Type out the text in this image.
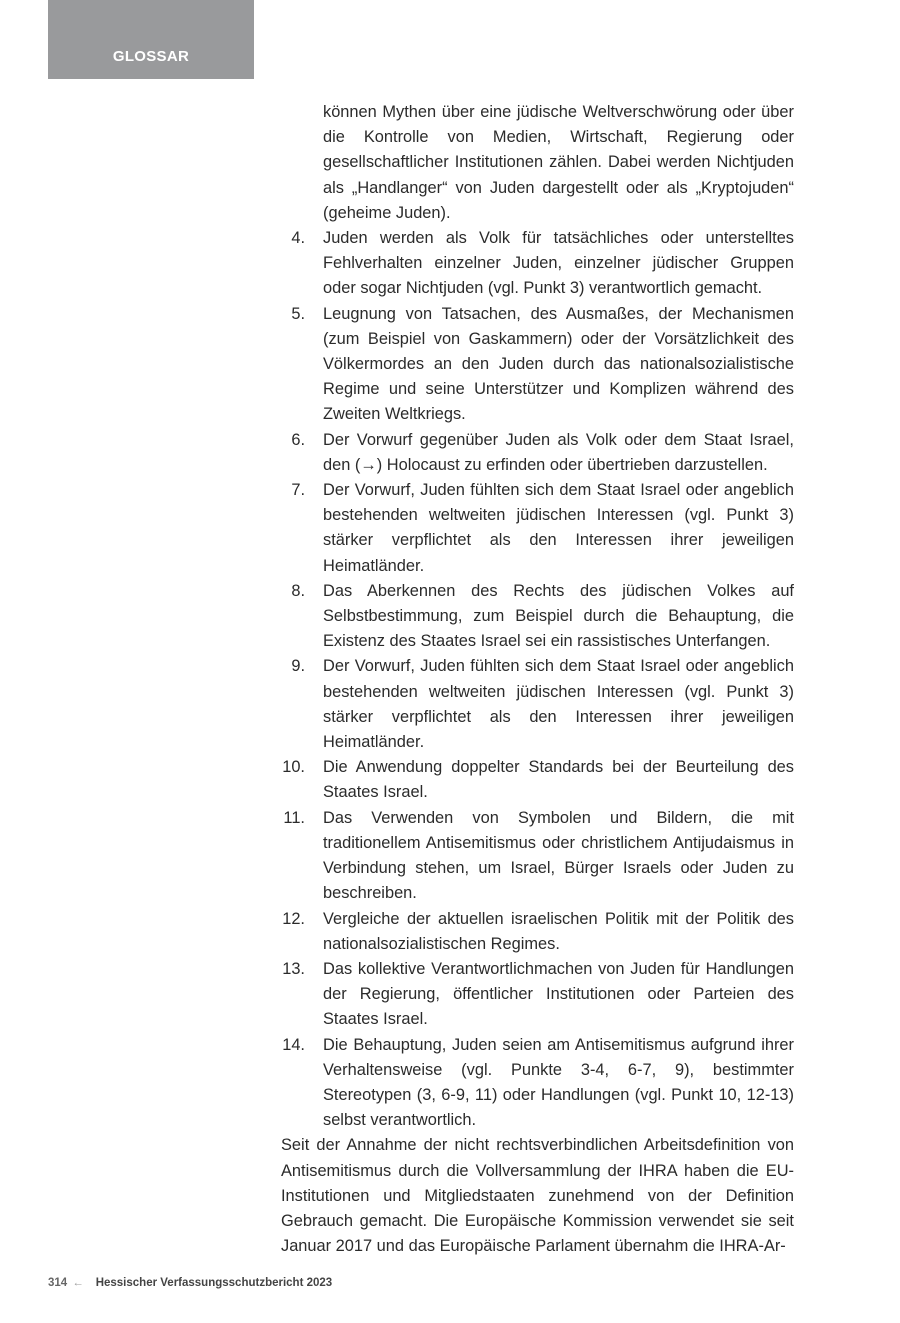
GLOSSAR
können Mythen über eine jüdische Weltverschwörung oder über die Kontrolle von Medien, Wirtschaft, Regierung oder gesellschaftlicher Institutionen zählen. Dabei werden Nichtjuden als „Handlanger“ von Juden dargestellt oder als „Kryptojuden“ (geheime Juden).
4.	Juden werden als Volk für tatsächliches oder unterstelltes Fehlverhalten einzelner Juden, einzelner jüdischer Gruppen oder sogar Nichtjuden (vgl. Punkt 3) verantwortlich gemacht.
5.	Leugnung von Tatsachen, des Ausmaßes, der Mechanismen (zum Beispiel von Gaskammern) oder der Vorsätzlichkeit des Völkermordes an den Juden durch das nationalsozialistische Regime und seine Unterstützer und Komplizen während des Zweiten Weltkriegs.
6.	Der Vorwurf gegenüber Juden als Volk oder dem Staat Israel, den (→) Holocaust zu erfinden oder übertrieben darzustellen.
7.	Der Vorwurf, Juden fühlten sich dem Staat Israel oder angeblich bestehenden weltweiten jüdischen Interessen (vgl. Punkt 3) stärker verpflichtet als den Interessen ihrer jeweiligen Heimatländer.
8.	Das Aberkennen des Rechts des jüdischen Volkes auf Selbstbestimmung, zum Beispiel durch die Behauptung, die Existenz des Staates Israel sei ein rassistisches Unterfangen.
9.	Der Vorwurf, Juden fühlten sich dem Staat Israel oder angeblich bestehenden weltweiten jüdischen Interessen (vgl. Punkt 3) stärker verpflichtet als den Interessen ihrer jeweiligen Heimatländer.
10.	Die Anwendung doppelter Standards bei der Beurteilung des Staates Israel.
11.	Das Verwenden von Symbolen und Bildern, die mit traditionellem Antisemitismus oder christlichem Antijudaismus in Verbindung stehen, um Israel, Bürger Israels oder Juden zu beschreiben.
12.	Vergleiche der aktuellen israelischen Politik mit der Politik des nationalsozialistischen Regimes.
13.	Das kollektive Verantwortlichmachen von Juden für Handlungen der Regierung, öffentlicher Institutionen oder Parteien des Staates Israel.
14.	Die Behauptung, Juden seien am Antisemitismus aufgrund ihrer Verhaltensweise (vgl. Punkte 3-4, 6-7, 9), bestimmter Stereotypen (3, 6-9, 11) oder Handlungen (vgl. Punkt 10, 12-13) selbst verantwortlich.
Seit der Annahme der nicht rechtsverbindlichen Arbeitsdefinition von Antisemitismus durch die Vollversammlung der IHRA haben die EU-Institutionen und Mitgliedstaaten zunehmend von der Definition Gebrauch gemacht. Die Europäische Kommission verwendet sie seit Januar 2017 und das Europäische Parlament übernahm die IHRA-Ar-
314 ← Hessischer Verfassungsschutzbericht 2023
